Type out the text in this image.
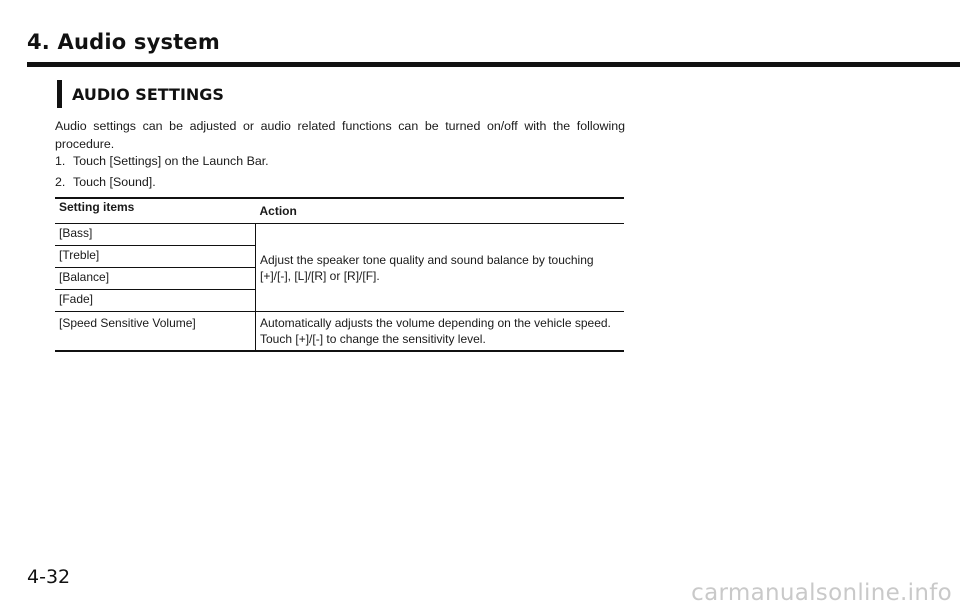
4. Audio system
AUDIO SETTINGS

Audio settings can be adjusted or audio related functions can be turned on/off with the following procedure.

1. Touch [Settings] on the Launch Bar.

2. Touch [Sound].

Setting items	Action
[Bass]	Adjust the speaker tone quality and sound balance by touching
[+]/[-], [L]/[R] or [R]/[F].
[Treble]	
[Balance]	
[Fade]	
[Speed Sensitive Volume]	Automatically adjusts the volume depending on the vehicle speed.
Touch [+]/[-] to change the sensitivity level.
4-32
carmanualsonline.info
